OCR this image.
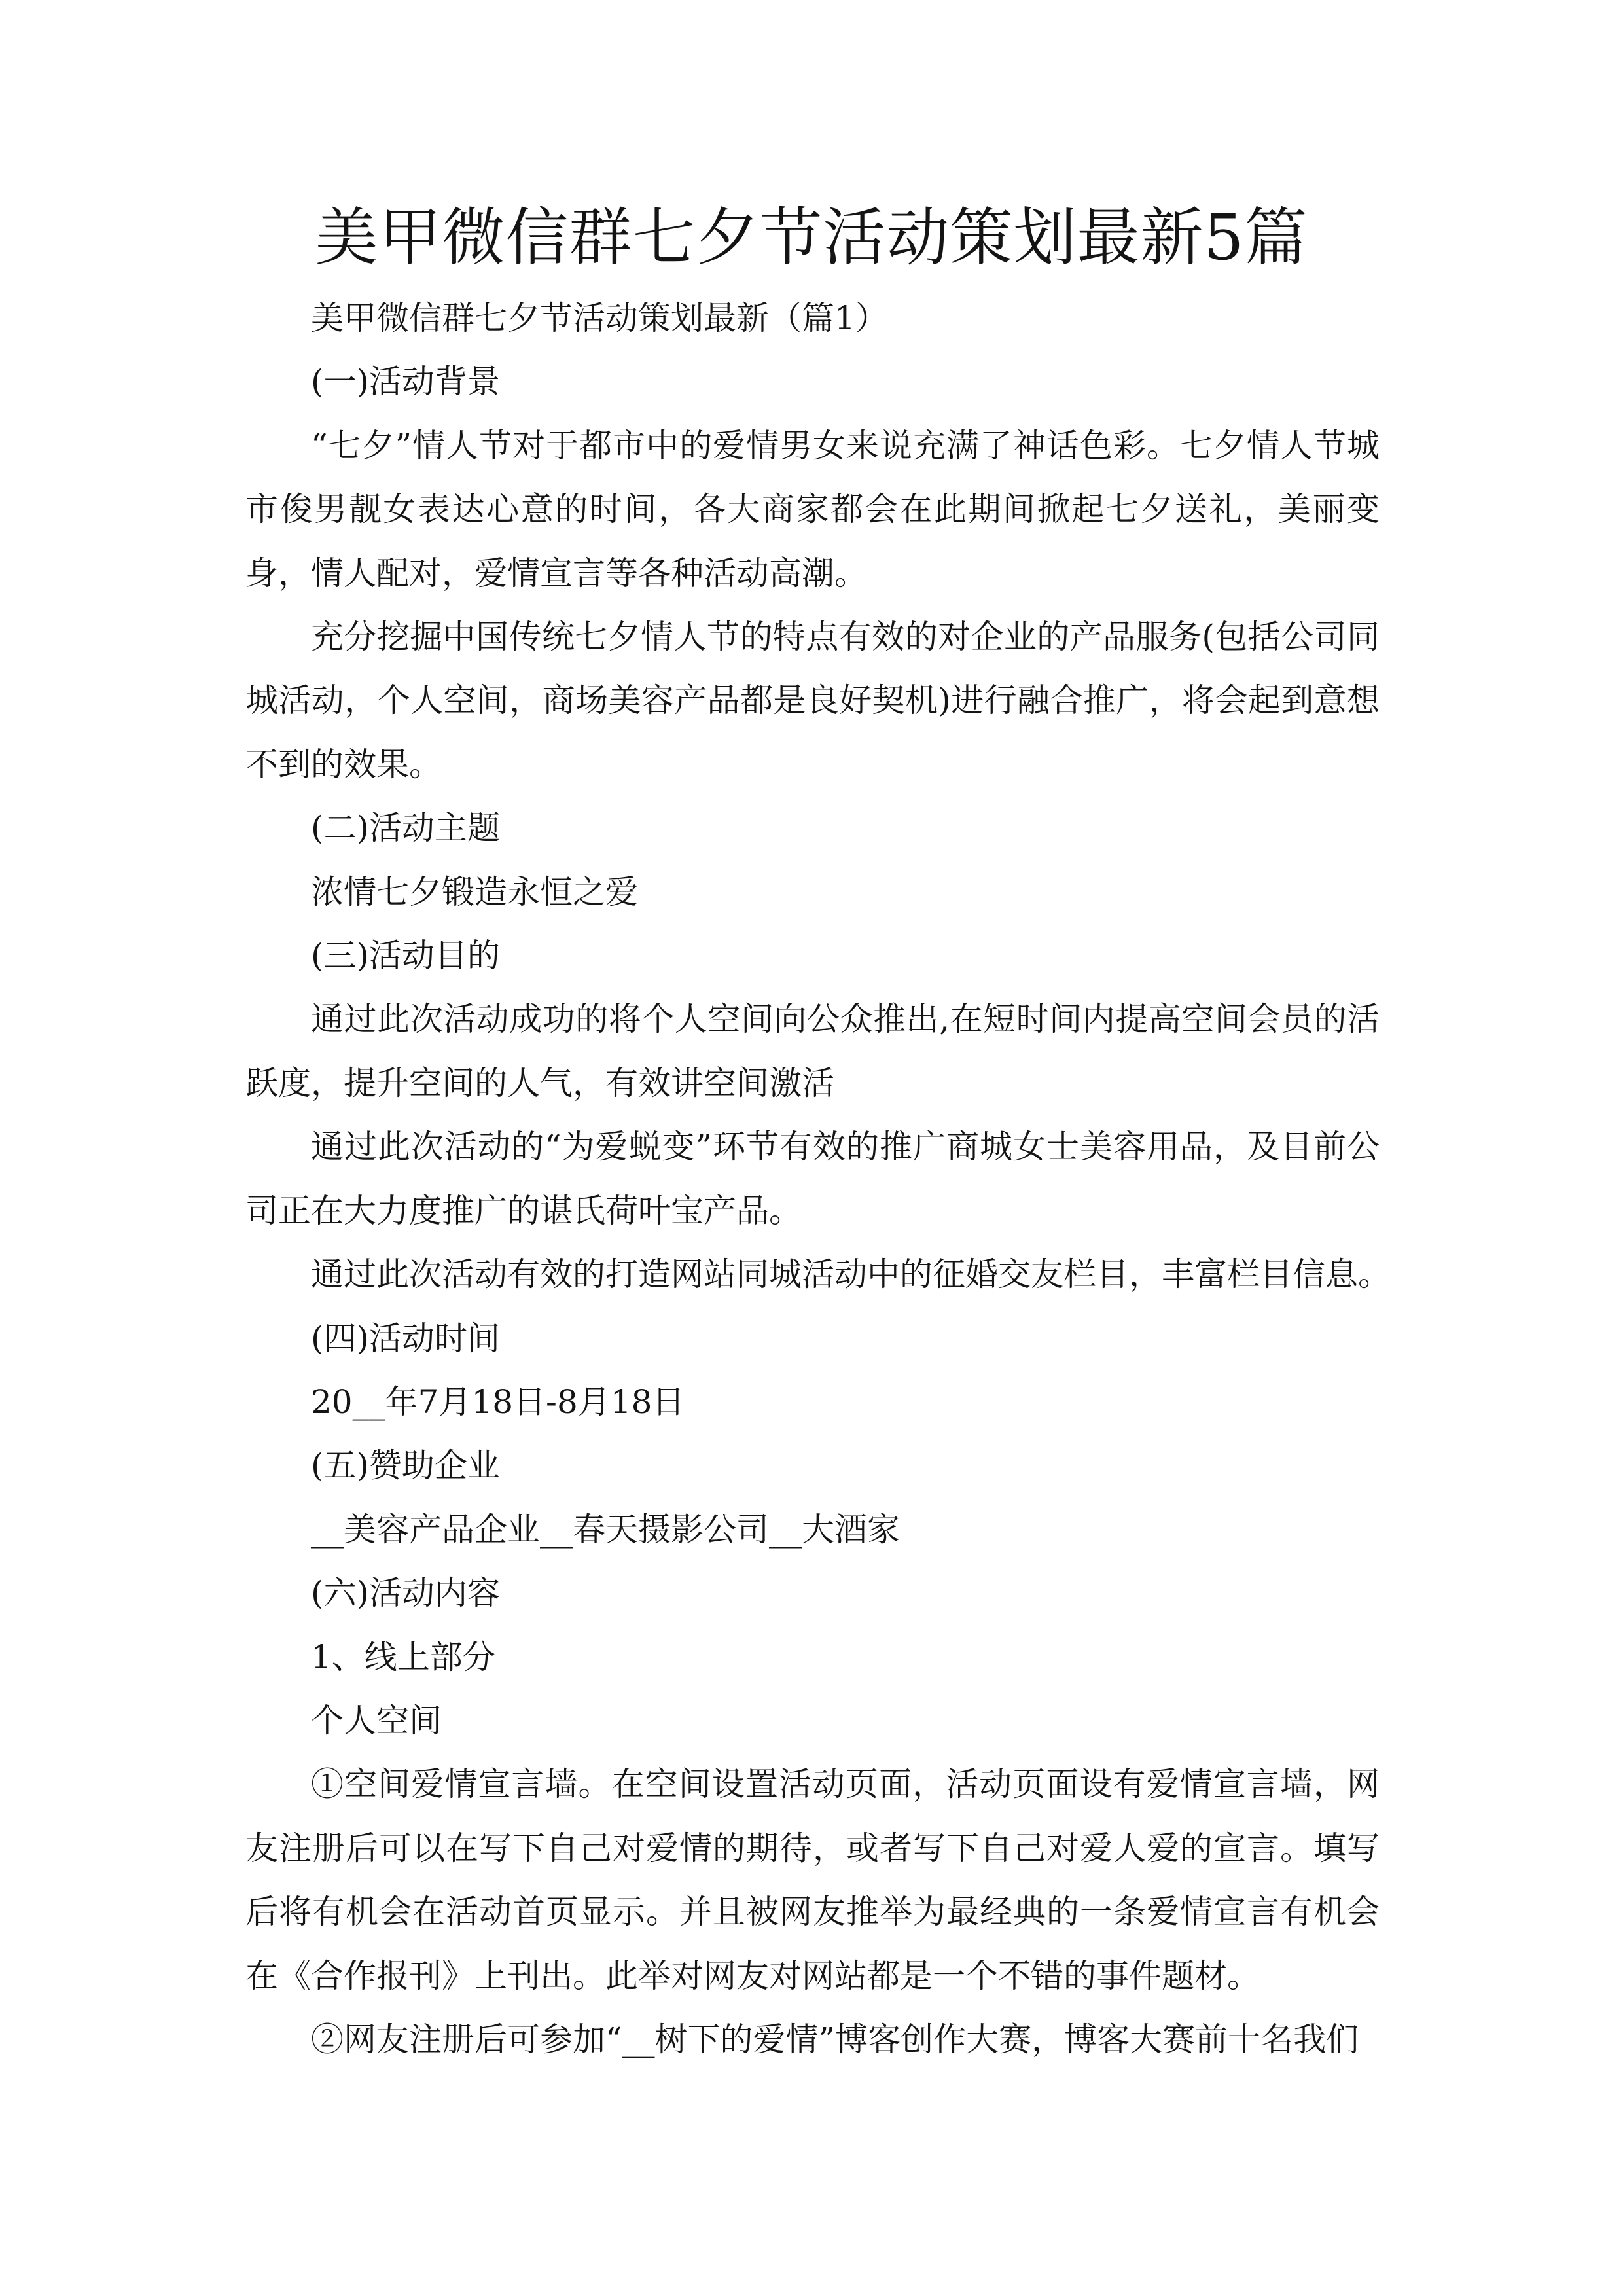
美甲微信群七夕节活动策划最新5篇

美甲微信群七夕节活动策划最新（篇1）

(一)活动背景

“七夕”情人节对于都市中的爱情男女来说充满了神话色彩。七夕情人节城市俊男靓女表达心意的时间，各大商家都会在此期间掀起七夕送礼，美丽变身，情人配对，爱情宣言等各种活动高潮。

充分挖掘中国传统七夕情人节的特点有效的对企业的产品服务(包括公司同城活动，个人空间，商场美容产品都是良好契机)进行融合推广，将会起到意想不到的效果。

(二)活动主题

浓情七夕锻造永恒之爱

(三)活动目的

通过此次活动成功的将个人空间向公众推出,在短时间内提高空间会员的活跃度，提升空间的人气，有效讲空间激活

通过此次活动的“为爱蜕变”环节有效的推广商城女士美容用品，及目前公司正在大力度推广的谌氏荷叶宝产品。

通过此次活动有效的打造网站同城活动中的征婚交友栏目，丰富栏目信息。

(四)活动时间

20__年7月18日-8月18日

(五)赞助企业

__美容产品企业__春天摄影公司__大酒家

(六)活动内容

1、线上部分

个人空间

①空间爱情宣言墙。在空间设置活动页面，活动页面设有爱情宣言墙，网友注册后可以在写下自己对爱情的期待，或者写下自己对爱人爱的宣言。填写后将有机会在活动首页显示。并且被网友推举为最经典的一条爱情宣言有机会在《合作报刊》上刊出。此举对网友对网站都是一个不错的事件题材。

②网友注册后可参加“__树下的爱情”博客创作大赛，博客大赛前十名我们
